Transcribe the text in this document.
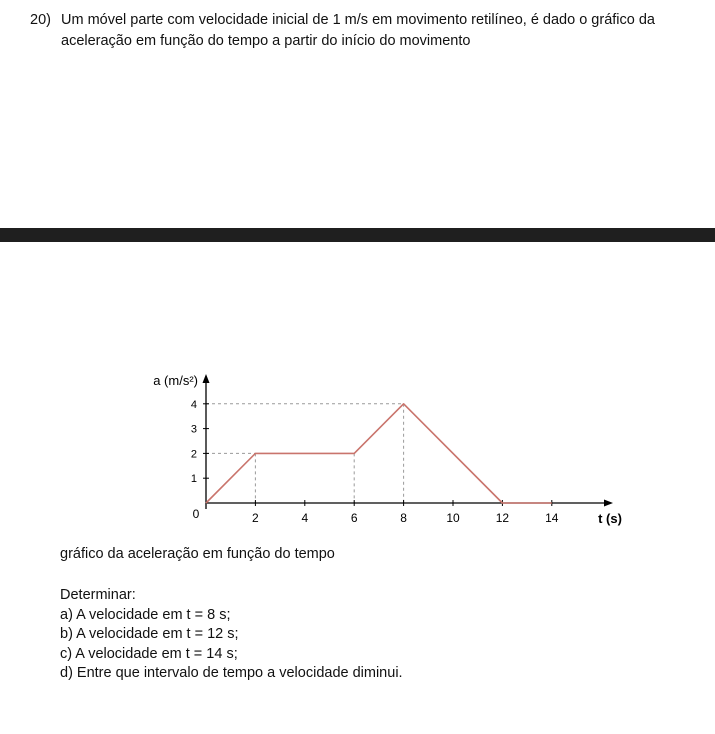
20) Um móvel parte com velocidade inicial de 1 m/s em movimento retilíneo, é dado o gráfico da aceleração em função do tempo a partir do início do movimento
a (m/s²)
t (s)
0	2	4	6	8	10	12	14
1
2
3
4
gráfico da aceleração em função do tempo
Determinar:
a) A velocidade em t = 8 s;
b) A velocidade em t = 12 s;
c) A velocidade em t = 14 s;
d) Entre que intervalo de tempo a velocidade diminui.
